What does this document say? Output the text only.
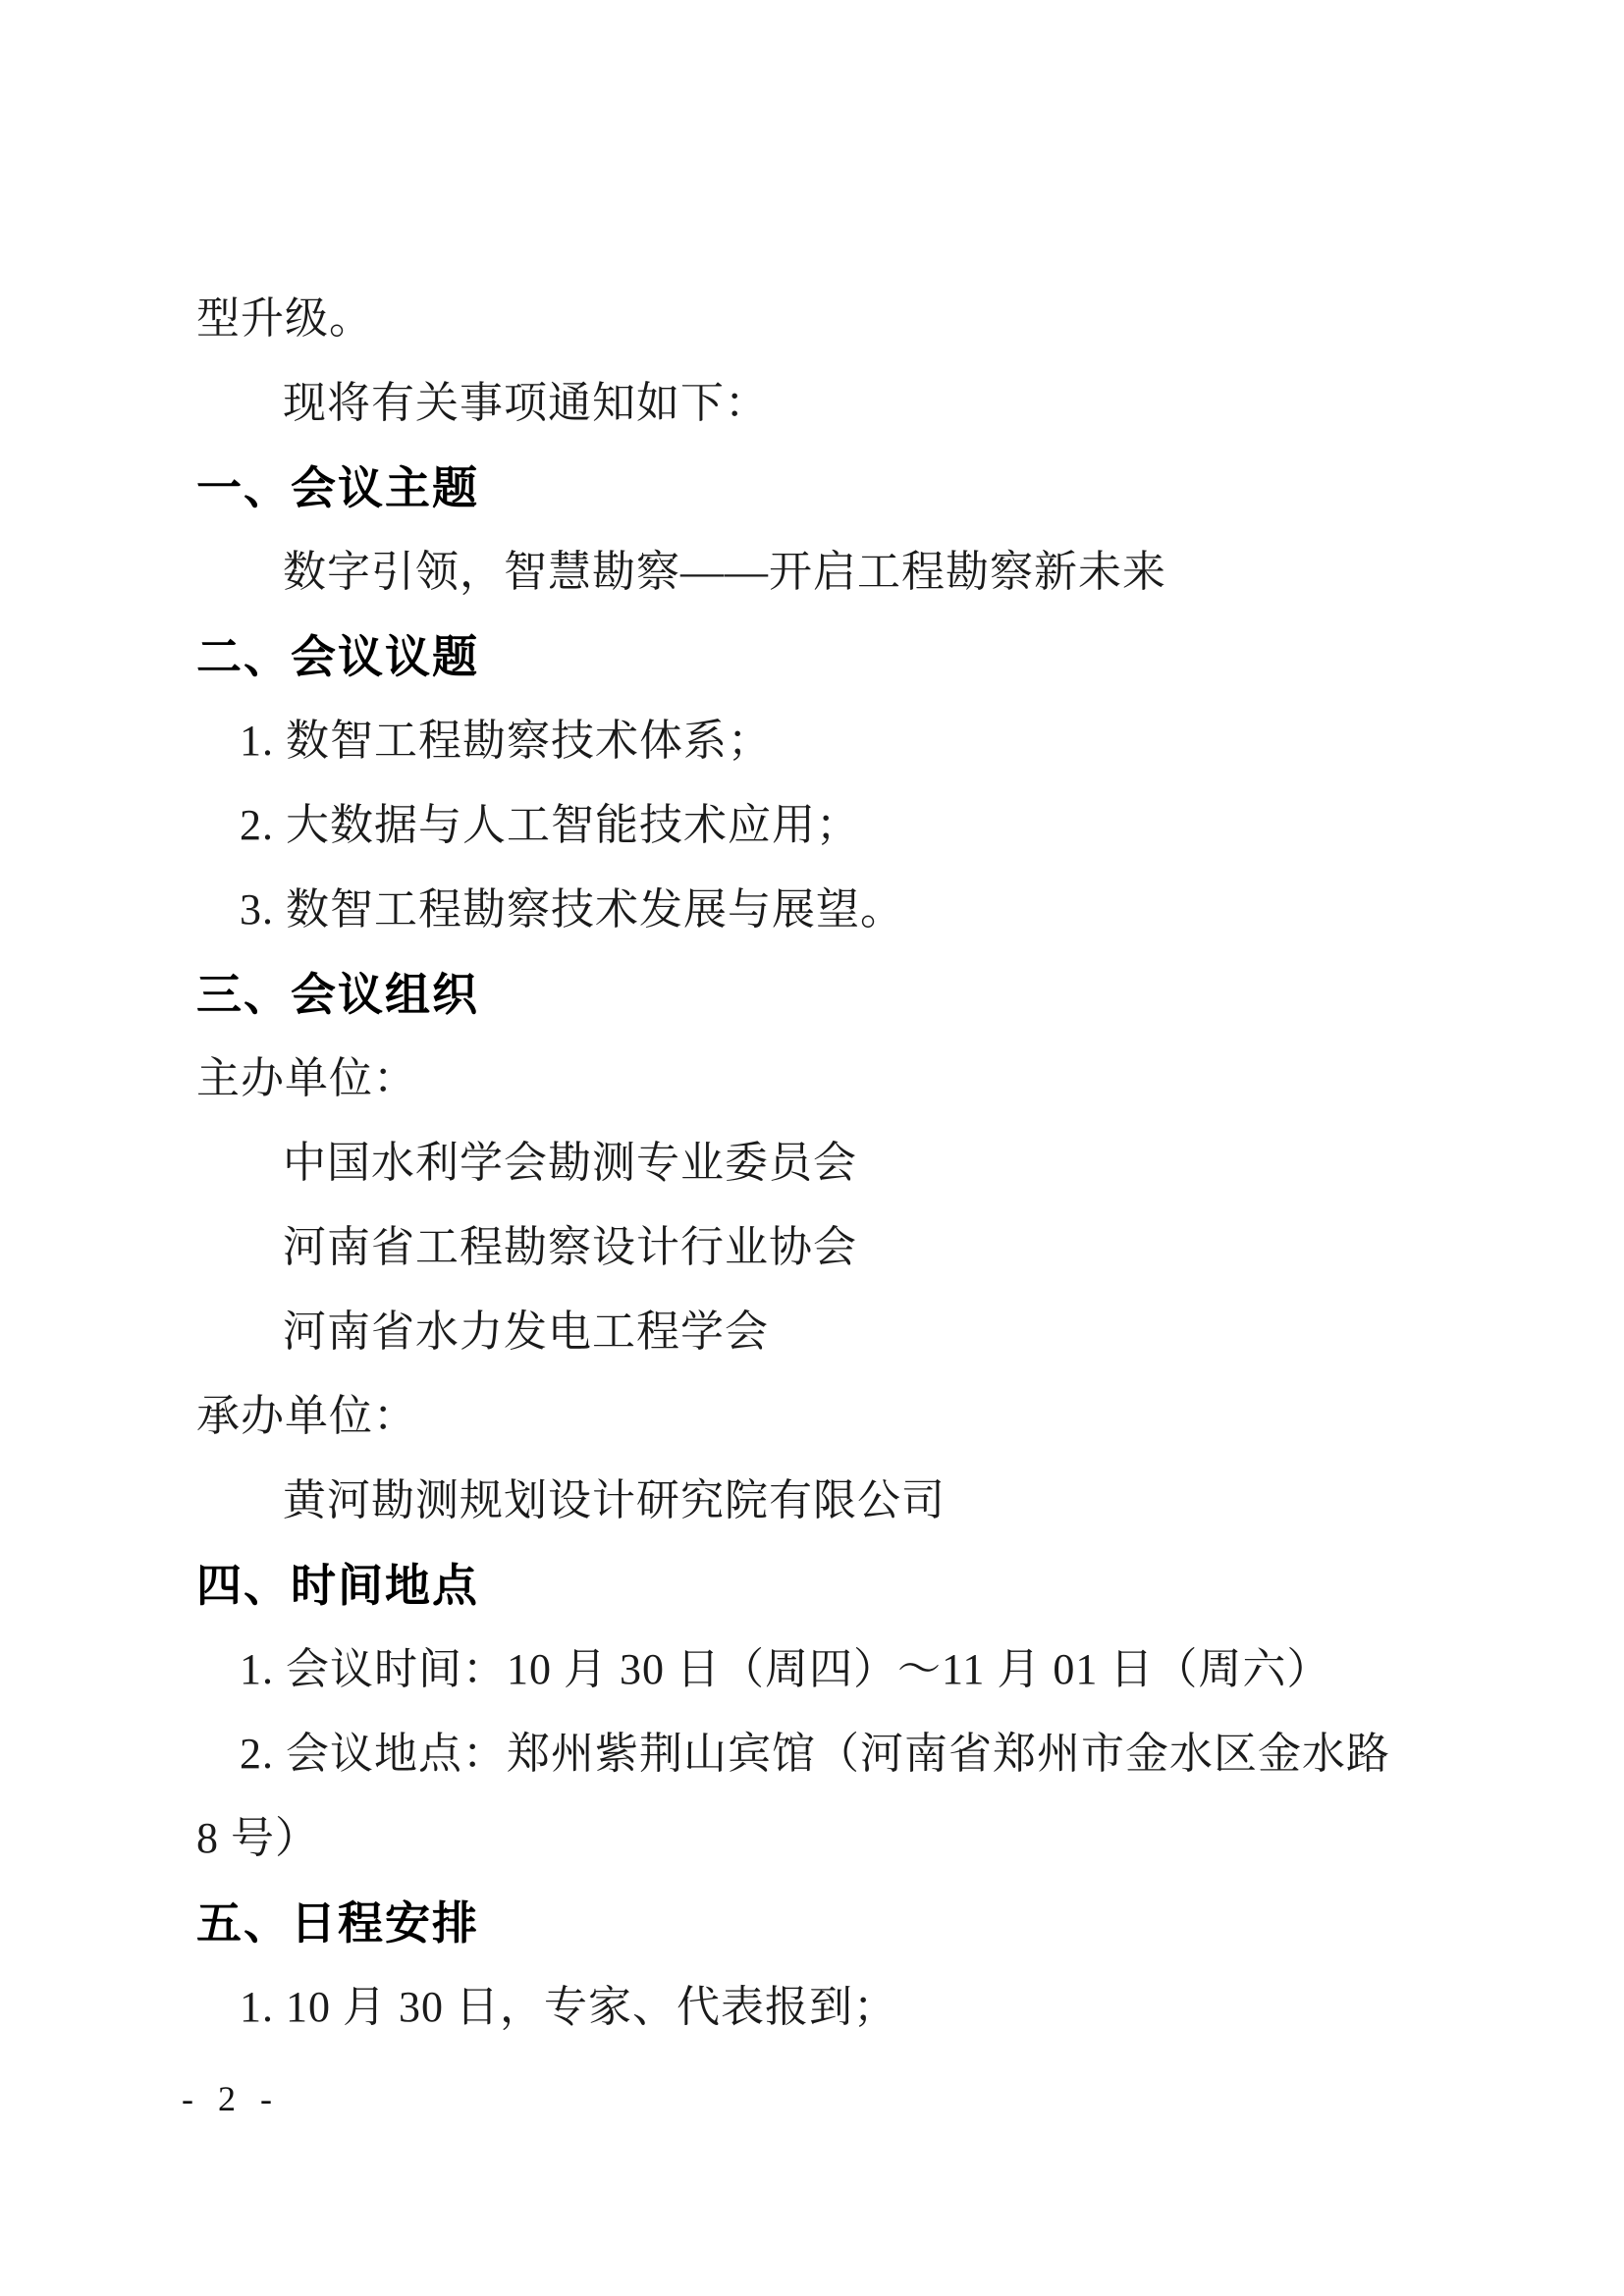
型升级。
现将有关事项通知如下：
一、会议主题
数字引领，智慧勘察——开启工程勘察新未来
二、会议议题
1. 数智工程勘察技术体系；
2. 大数据与人工智能技术应用；
3. 数智工程勘察技术发展与展望。
三、会议组织
主办单位：
中国水利学会勘测专业委员会
河南省工程勘察设计行业协会
河南省水力发电工程学会
承办单位：
黄河勘测规划设计研究院有限公司
四、时间地点
1. 会议时间：10 月 30 日（周四）～11 月 01 日（周六）
2. 会议地点：郑州紫荆山宾馆（河南省郑州市金水区金水路
8 号）
五、日程安排
1. 10 月 30 日，专家、代表报到；
- 2 -
